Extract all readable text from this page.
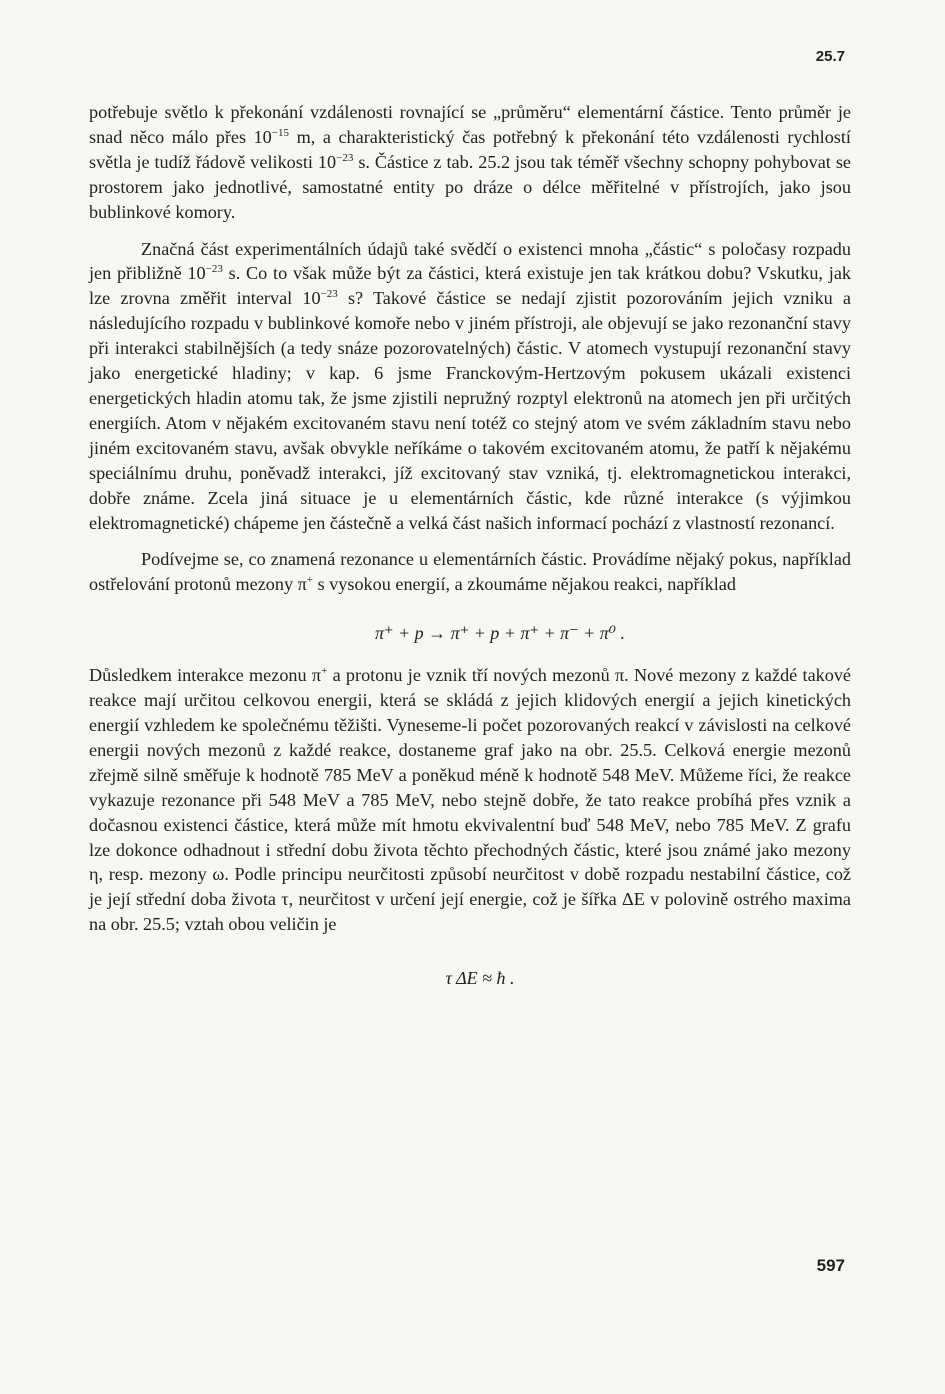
25.7

potřebuje světlo k překonání vzdálenosti rovnající se „průměru“ elementární částice. Tento průměr je snad něco málo přes $10^{-15}$ m, a charakteristický čas potřebný k překonání této vzdálenosti rychlostí světla je tudíž řádově velikosti $10^{-23}$ s. Částice z tab. 25.2 jsou tak téměř všechny schopny pohybovat se prostorem jako jednotlivé, samostatné entity po dráze o délce měřitelné v přístrojích, jako jsou bublinkové komory.

Značná část experimentálních údajů také svědčí o existenci mnoha „částic“ s poločasy rozpadu jen přibližně $10^{-23}$ s. Co to však může být za částici, která existuje jen tak krátkou dobu? Vskutku, jak lze zrovna změřit interval $10^{-23}$ s? Takové částice se nedají zjistit pozorováním jejich vzniku a následujícího rozpadu v bublinkové komoře nebo v jiném přístroji, ale objevují se jako rezonanční stavy při interakci stabilnějších (a tedy snáze pozorovatelných) částic. V atomech vystupují rezonanční stavy jako energetické hladiny; v kap. 6 jsme Franckovým-Hertzovým pokusem ukázali existenci energetických hladin atomu tak, že jsme zjistili nepružný rozptyl elektronů na atomech jen při určitých energiích. Atom v nějakém excitovaném stavu není totéž co stejný atom ve svém základním stavu nebo jiném excitovaném stavu, avšak obvykle neříkáme o takovém excitovaném atomu, že patří k nějakému speciálnímu druhu, poněvadž interakci, jíž excitovaný stav vzniká, tj. elektromagnetickou interakci, dobře známe. Zcela jiná situace je u elementárních částic, kde různé interakce (s výjimkou elektromagnetické) chápeme jen částečně a velká část našich informací pochází z vlastností rezonancí.

Podívejme se, co znamená rezonance u elementárních částic. Provádíme nějaký pokus, například ostřelování protonů mezony π+ s vysokou energií, a zkoumáme nějakou reakci, například

π⁺ + p → π⁺ + p + π⁺ + π⁻ + π⁰ .

Důsledkem interakce mezonu π+ a protonu je vznik tří nových mezonů π. Nové mezony z každé takové reakce mají určitou celkovou energii, která se skládá z jejich klidových energií a jejich kinetických energií vzhledem ke společnému těžišti. Vyneseme-li počet pozorovaných reakcí v závislosti na celkové energii nových mezonů z každé reakce, dostaneme graf jako na obr. 25.5. Celková energie mezonů zřejmě silně směřuje k hodnotě 785 MeV a poněkud méně k hodnotě 548 MeV. Můžeme říci, že reakce vykazuje rezonance při 548 MeV a 785 MeV, nebo stejně dobře, že tato reakce probíhá přes vznik a dočasnou existenci částice, která může mít hmotu ekvivalentní buď 548 MeV, nebo 785 MeV. Z grafu lze dokonce odhadnout i střední dobu života těchto přechodných částic, které jsou známé jako mezony η, resp. mezony ω. Podle principu neurčitosti způsobí neurčitost v době rozpadu nestabilní částice, což je její střední doba života τ, neurčitost v určení její energie, což je šířka ΔE v polovině ostrého maxima na obr. 25.5; vztah obou veličin je

τ ΔE ≈ ħ .
597
